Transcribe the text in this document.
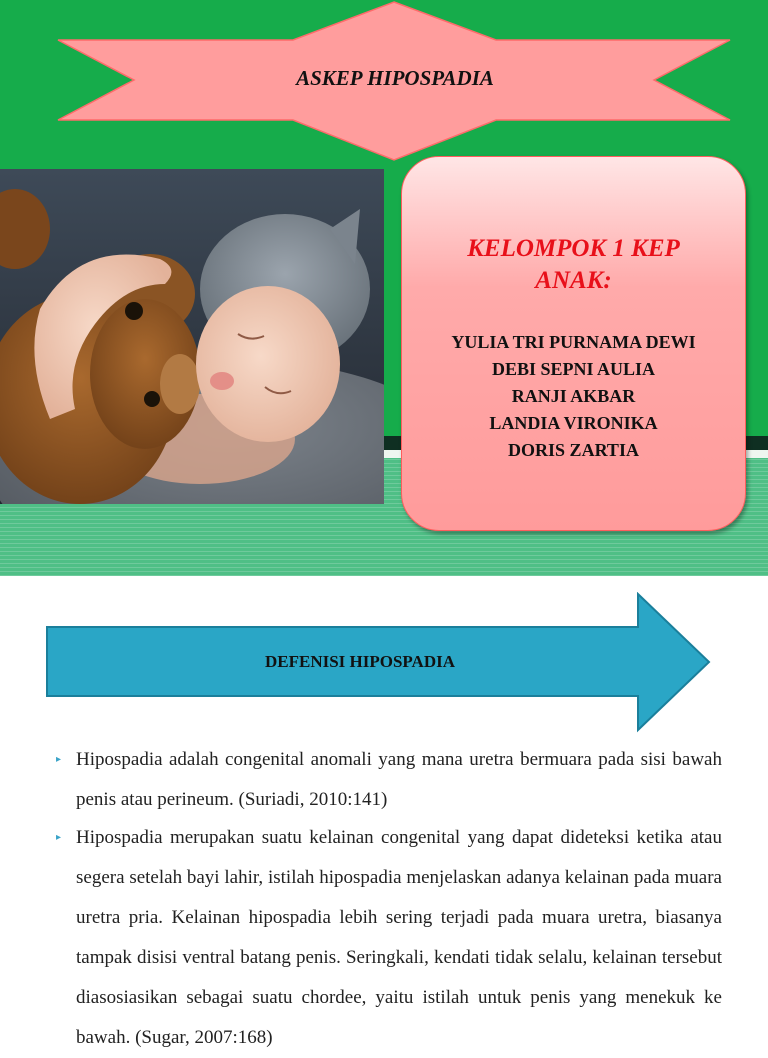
ASKEP HIPOSPADIA
KELOMPOK 1 KEP
ANAK:
YULIA TRI PURNAMA DEWI
DEBI SEPNI AULIA
RANJI AKBAR
LANDIA VIRONIKA
DORIS ZARTIA
DEFENISI HIPOSPADIA
▸ Hipospadia adalah congenital anomali yang mana uretra bermuara pada sisi bawah penis atau perineum. (Suriadi, 2010:141)
▸ Hipospadia merupakan suatu kelainan congenital yang dapat dideteksi ketika atau segera setelah bayi lahir, istilah hipospadia menjelaskan adanya kelainan pada muara uretra pria. Kelainan hipospadia lebih sering terjadi pada muara uretra, biasanya tampak disisi ventral batang penis. Seringkali, kendati tidak selalu, kelainan tersebut diasosiasikan sebagai suatu chordee, yaitu istilah untuk penis yang menekuk ke bawah. (Sugar, 2007:168)
